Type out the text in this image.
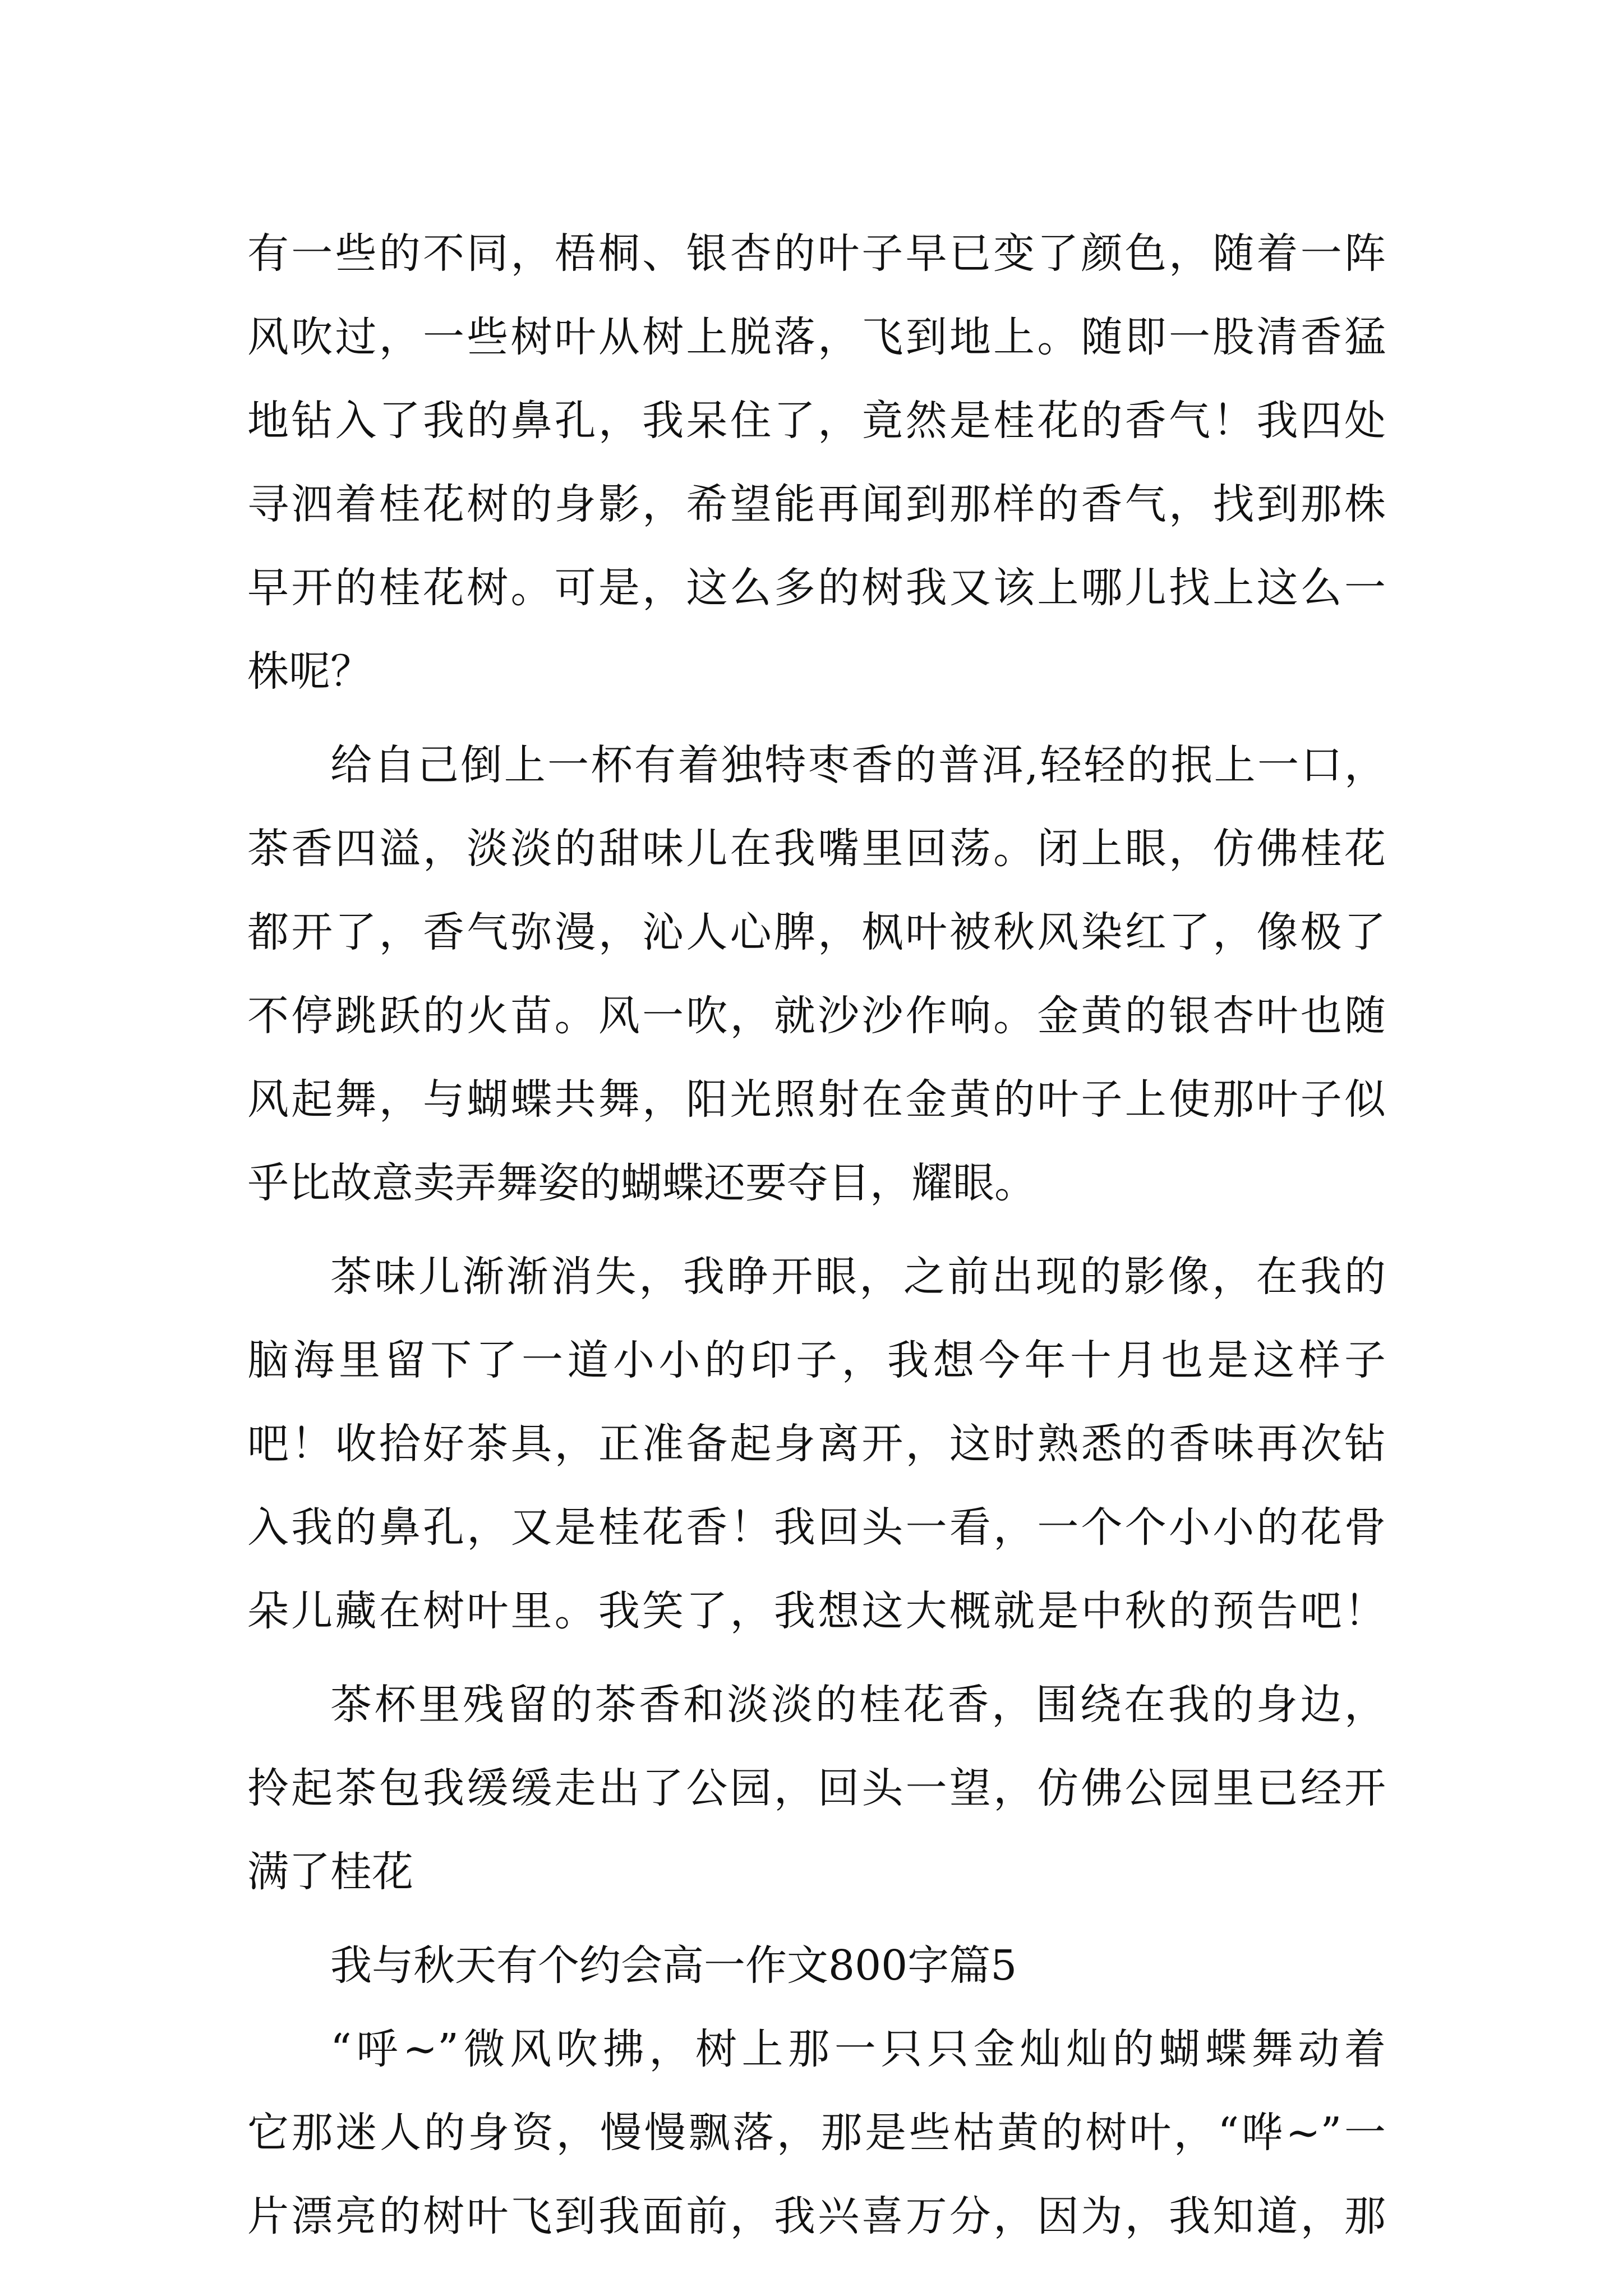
有一些的不同，梧桐、银杏的叶子早已变了颜色，随着一阵
风吹过，一些树叶从树上脱落，飞到地上。随即一股清香猛
地钻入了我的鼻孔，我呆住了，竟然是桂花的香气！我四处
寻泗着桂花树的身影，希望能再闻到那样的香气，找到那株
早开的桂花树。可是，这么多的树我又该上哪儿找上这么一
株呢？
给自己倒上一杯有着独特枣香的普洱,轻轻的抿上一口，
茶香四溢，淡淡的甜味儿在我嘴里回荡。闭上眼，仿佛桂花
都开了，香气弥漫，沁人心脾，枫叶被秋风染红了，像极了
不停跳跃的火苗。风一吹，就沙沙作响。金黄的银杏叶也随
风起舞，与蝴蝶共舞，阳光照射在金黄的叶子上使那叶子似
乎比故意卖弄舞姿的蝴蝶还要夺目，耀眼。
茶味儿渐渐消失，我睁开眼，之前出现的影像，在我的
脑海里留下了一道小小的印子，我想今年十月也是这样子
吧！收拾好茶具，正准备起身离开，这时熟悉的香味再次钻
入我的鼻孔，又是桂花香！我回头一看，一个个小小的花骨
朵儿藏在树叶里。我笑了，我想这大概就是中秋的预告吧！
茶杯里残留的茶香和淡淡的桂花香，围绕在我的身边，
拎起茶包我缓缓走出了公园，回头一望，仿佛公园里已经开
满了桂花
我与秋天有个约会高一作文800字篇5
“呼~”微风吹拂，树上那一只只金灿灿的蝴蝶舞动着
它那迷人的身资，慢慢飘落，那是些枯黄的树叶，“哗~”一
片漂亮的树叶飞到我面前，我兴喜万分，因为，我知道，那
